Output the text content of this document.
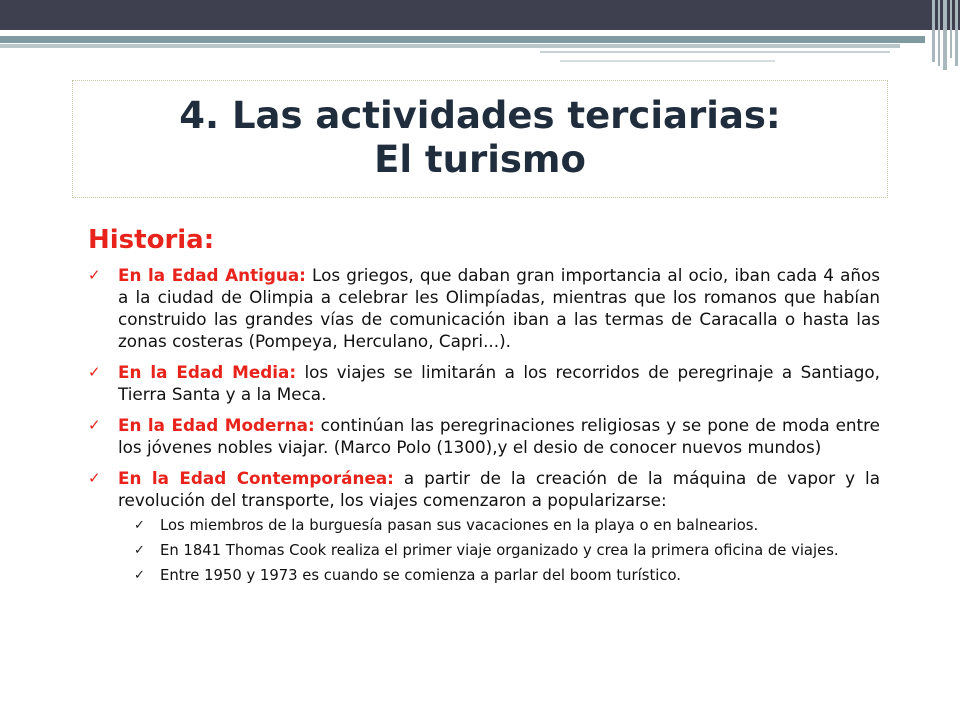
4. Las actividades terciarias:
El turismo
Historia:
✓ En la Edad Antigua: Los griegos, que daban gran importancia al ocio, iban cada 4 años a la ciudad de Olimpia a celebrar les Olimpíadas, mientras que los romanos que habían construido las grandes vías de comunicación iban a las termas de Caracalla o hasta las zonas costeras (Pompeya, Herculano, Capri...).
✓ En la Edad Media: los viajes se limitarán a los recorridos de peregrinaje a Santiago, Tierra Santa y a la Meca.
✓ En la Edad Moderna: continúan las peregrinaciones religiosas y se pone de moda entre los jóvenes nobles viajar. (Marco Polo (1300),y el desio de conocer nuevos mundos)
✓ En la Edad Contemporánea: a partir de la creación de la máquina de vapor y la revolución del transporte, los viajes comenzaron a popularizarse:
✓ Los miembros de la burguesía pasan sus vacaciones en la playa o en balnearios.
✓ En 1841 Thomas Cook realiza el primer viaje organizado y crea la primera oficina de viajes.
✓ Entre 1950 y 1973 es cuando se comienza a parlar del boom turístico.
